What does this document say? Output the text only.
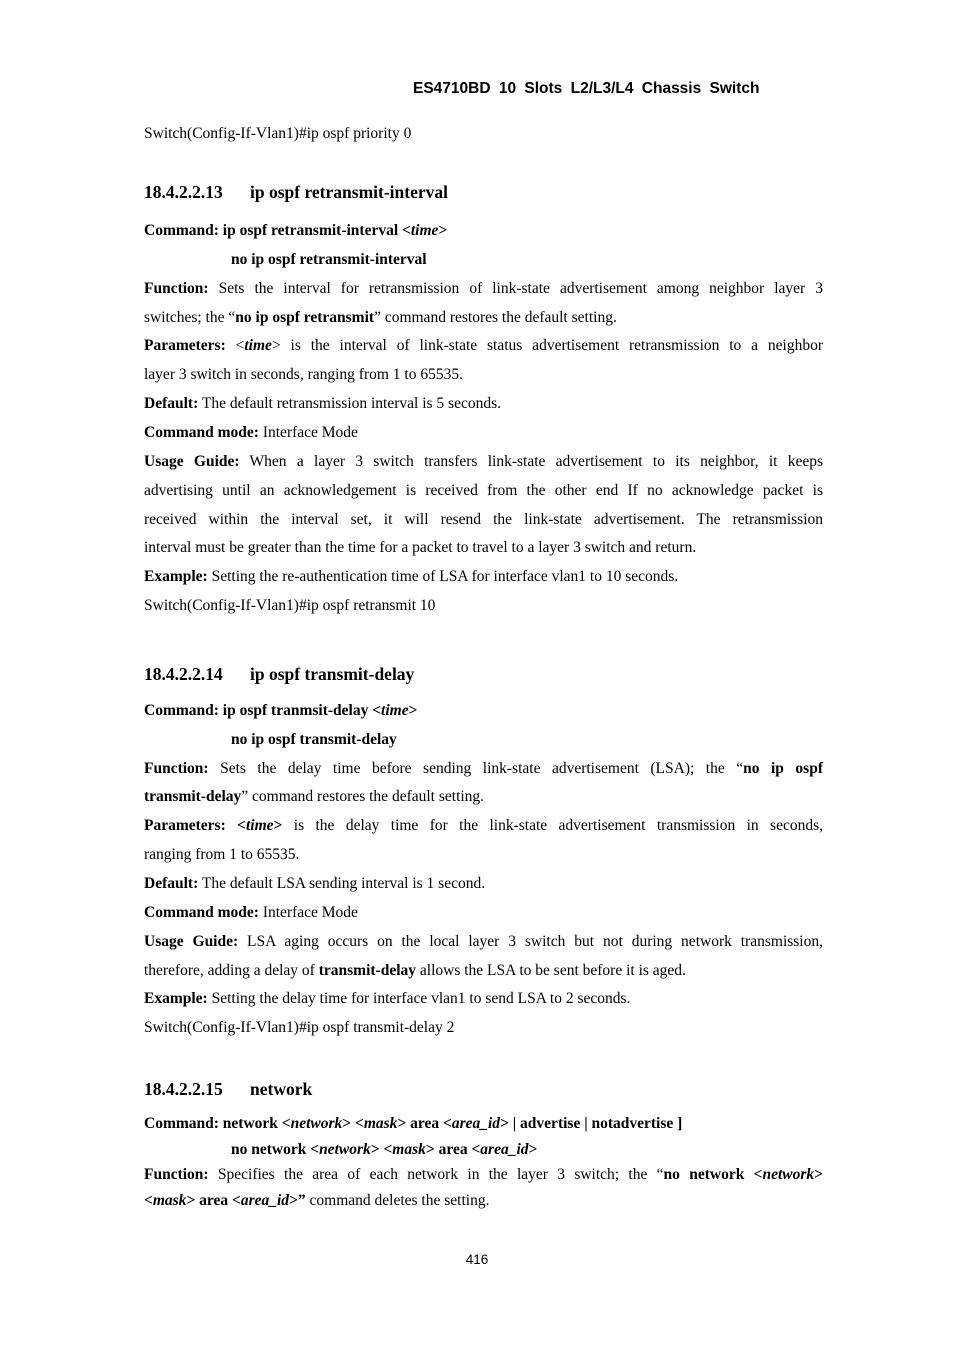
ES4710BD 10 Slots L2/L3/L4 Chassis Switch
Switch(Config-If-Vlan1)#ip ospf priority 0
18.4.2.2.13 ip ospf retransmit-interval
Command: ip ospf retransmit-interval <time>
no ip ospf retransmit-interval
Function: Sets the interval for retransmission of link-state advertisement among neighbor layer 3
switches; the “no ip ospf retransmit” command restores the default setting.
Parameters: <time> is the interval of link-state status advertisement retransmission to a neighbor
layer 3 switch in seconds, ranging from 1 to 65535.
Default: The default retransmission interval is 5 seconds.
Command mode: Interface Mode
Usage Guide: When a layer 3 switch transfers link-state advertisement to its neighbor, it keeps
advertising until an acknowledgement is received from the other end If no acknowledge packet is
received within the interval set, it will resend the link-state advertisement. The retransmission
interval must be greater than the time for a packet to travel to a layer 3 switch and return.
Example: Setting the re-authentication time of LSA for interface vlan1 to 10 seconds.
Switch(Config-If-Vlan1)#ip ospf retransmit 10
18.4.2.2.14 ip ospf transmit-delay
Command: ip ospf tranmsit-delay <time>
no ip ospf transmit-delay
Function: Sets the delay time before sending link-state advertisement (LSA); the “no ip ospf
transmit-delay” command restores the default setting.
Parameters: <time> is the delay time for the link-state advertisement transmission in seconds,
ranging from 1 to 65535.
Default: The default LSA sending interval is 1 second.
Command mode: Interface Mode
Usage Guide: LSA aging occurs on the local layer 3 switch but not during network transmission,
therefore, adding a delay of transmit-delay allows the LSA to be sent before it is aged.
Example: Setting the delay time for interface vlan1 to send LSA to 2 seconds.
Switch(Config-If-Vlan1)#ip ospf transmit-delay 2
18.4.2.2.15 network
Command: network <network> <mask> area <area_id> | advertise | notadvertise ]
no network <network> <mask> area <area_id>
Function: Specifies the area of each network in the layer 3 switch; the “no network <network>
<mask> area <area_id>” command deletes the setting.
416
